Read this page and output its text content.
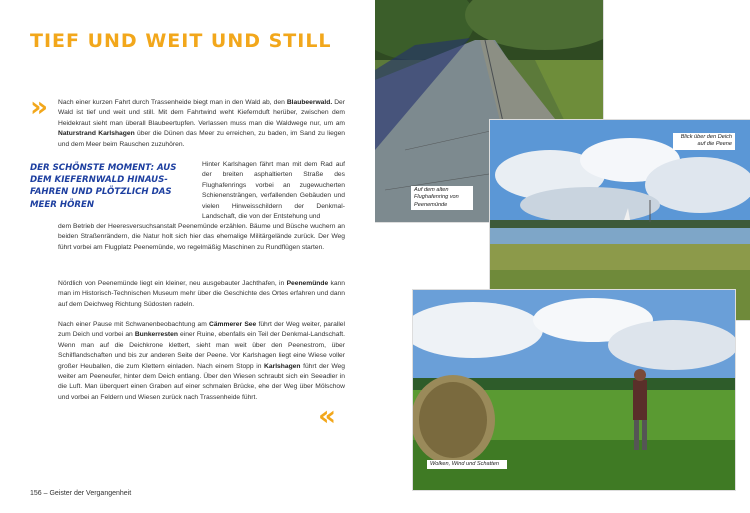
TIEF UND WEIT UND STILL
» Nach einer kurzen Fahrt durch Trassenheide biegt man in den Wald ab, den Blaubeerwald. Der Wald ist tief und weit und still. Mit dem Fahrtwind weht Kiefernduft herüber, zwischen dem Heidekraut sieht man überall Blaubeertupfen. Verlassen muss man die Waldwege nur, um am Naturstrand Karlshagen über die Dünen das Meer zu erreichen, zu baden, im Sand zu liegen und dem Meer beim Rauschen zuzuhören.

DER SCHÖNSTE MOMENT: AUS DEM KIEFERNWALD HINAUSFAHREN UND PLÖTZLICH DAS MEER HÖREN

Hinter Karlshagen fährt man mit dem Rad auf der breiten asphaltierten Straße des Flughafenrings vorbei an zugewucherten Schienensträngen, verfallenden Gebäuden und vielen Hinweisschildern der Denkmal-Landschaft, die von der Entstehung und

dem Betrieb der Heeresversuchsanstalt Peenemünde erzählen. Bäume und Büsche wuchern an beiden Straßenrändern, die Natur holt sich hier das ehemalige Militärgelände zurück. Der Weg führt vorbei am Flugplatz Peenemünde, wo regelmäßig Maschinen zu Rundflügen starten.

Nördlich von Peenemünde liegt ein kleiner, neu ausgebauter Jachthafen, in Peenemünde kann man im Historisch-Technischen Museum mehr über die Geschichte des Ortes erfahren und dann auf dem Deichweg Richtung Südosten radeln.

Nach einer Pause mit Schwanenbeobachtung am Cämmerer See führt der Weg weiter, parallel zum Deich und vorbei an Bunkerresten einer Ruine, ebenfalls ein Teil der Denkmal-Landschaft. Wenn man auf die Deichkrone klettert, sieht man weit über den Peenestrom, über Schilflandschaften und bis zur anderen Seite der Peene. Vor Karlshagen liegt eine Wiese voller großer Heuballen, die zum Klettern einladen. Nach einem Stopp in Karlshagen führt der Weg weiter am Peeneufer, hinter dem Deich entlang. Über den Wiesen schraubt sich ein Seeadler in die Luft. Man überquert einen Graben auf einer schmalen Brücke, ehe der Weg über Mölschow und vorbei an Feldern und Wiesen zurück nach Trassenheide führt.

«
156 – Geister der Vergangenheit
Auf dem alten Flughafenring von Peenemünde
Blick über den Deich auf die Peene
Wolken, Wind und Schatten
